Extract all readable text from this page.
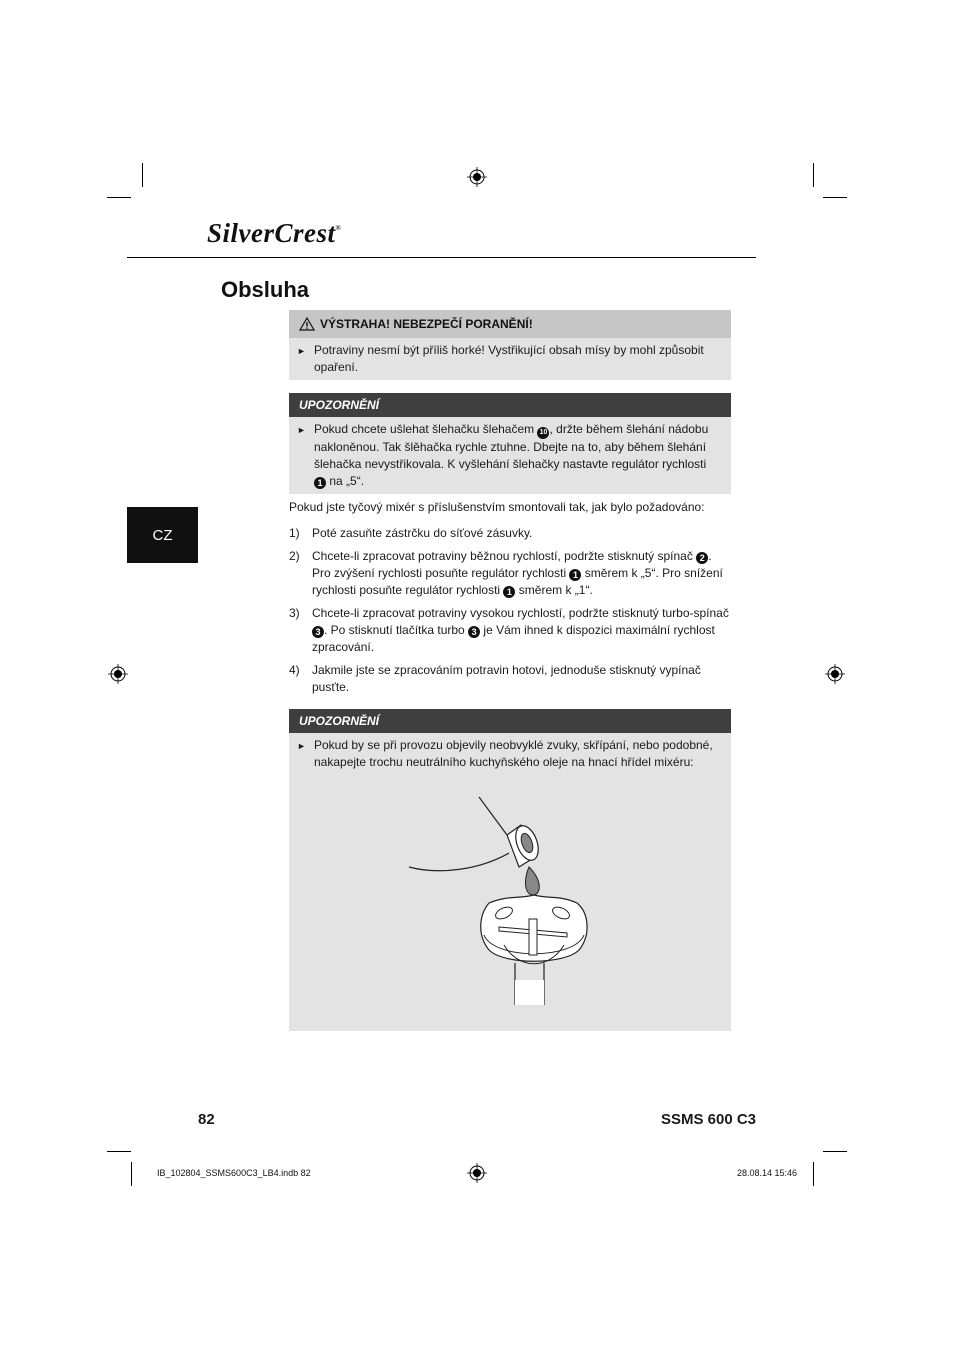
SilverCrest®
Obsluha
CZ
VÝSTRAHA! NEBEZPEČÍ PORANĚNÍ!
► Potraviny nesmí být příliš horké! Vystřikující obsah mísy by mohl způsobit opaření.
UPOZORNĚNÍ
► Pokud chcete ušlehat šlehačku šlehačem 10 , držte během šlehání nádobu nakloněnou. Tak šlěhačka rychle ztuhne. Dbejte na to, aby během šlehání šlehačka nevystřikovala. K vyšlehání šlehačky nastavte regulátor rychlosti 1 na „5“.
Pokud jste tyčový mixér s příslušenstvím smontovali tak, jak bylo požadováno:
1)	Poté zasuňte zástrčku do síťové zásuvky.
2)	Chcete-li zpracovat potraviny běžnou rychlostí, podržte stisknutý spínač 2 . Pro zvýšení rychlosti posuňte regulátor rychlosti 1 směrem k „5“. Pro snížení rychlosti posuňte regulátor rychlosti 1 směrem k „1“.
3)	Chcete-li zpracovat potraviny vysokou rychlostí, podržte stisknutý turbo-spínač 3 . Po stisknutí tlačítka turbo 3 je Vám ihned k dispozici maximální rychlost zpracování.
4)	Jakmile jste se zpracováním potravin hotovi, jednoduše stisknutý vypínač pusťte.
UPOZORNĚNÍ
► Pokud by se při provozu objevily neobvyklé zvuky, skřípání, nebo podobné, nakapejte trochu neutrálního kuchyňského oleje na hnací hřídel mixéru:
82	SSMS 600 C3
IB_102804_SSMS600C3_LB4.indb 82	28.08.14 15:46
